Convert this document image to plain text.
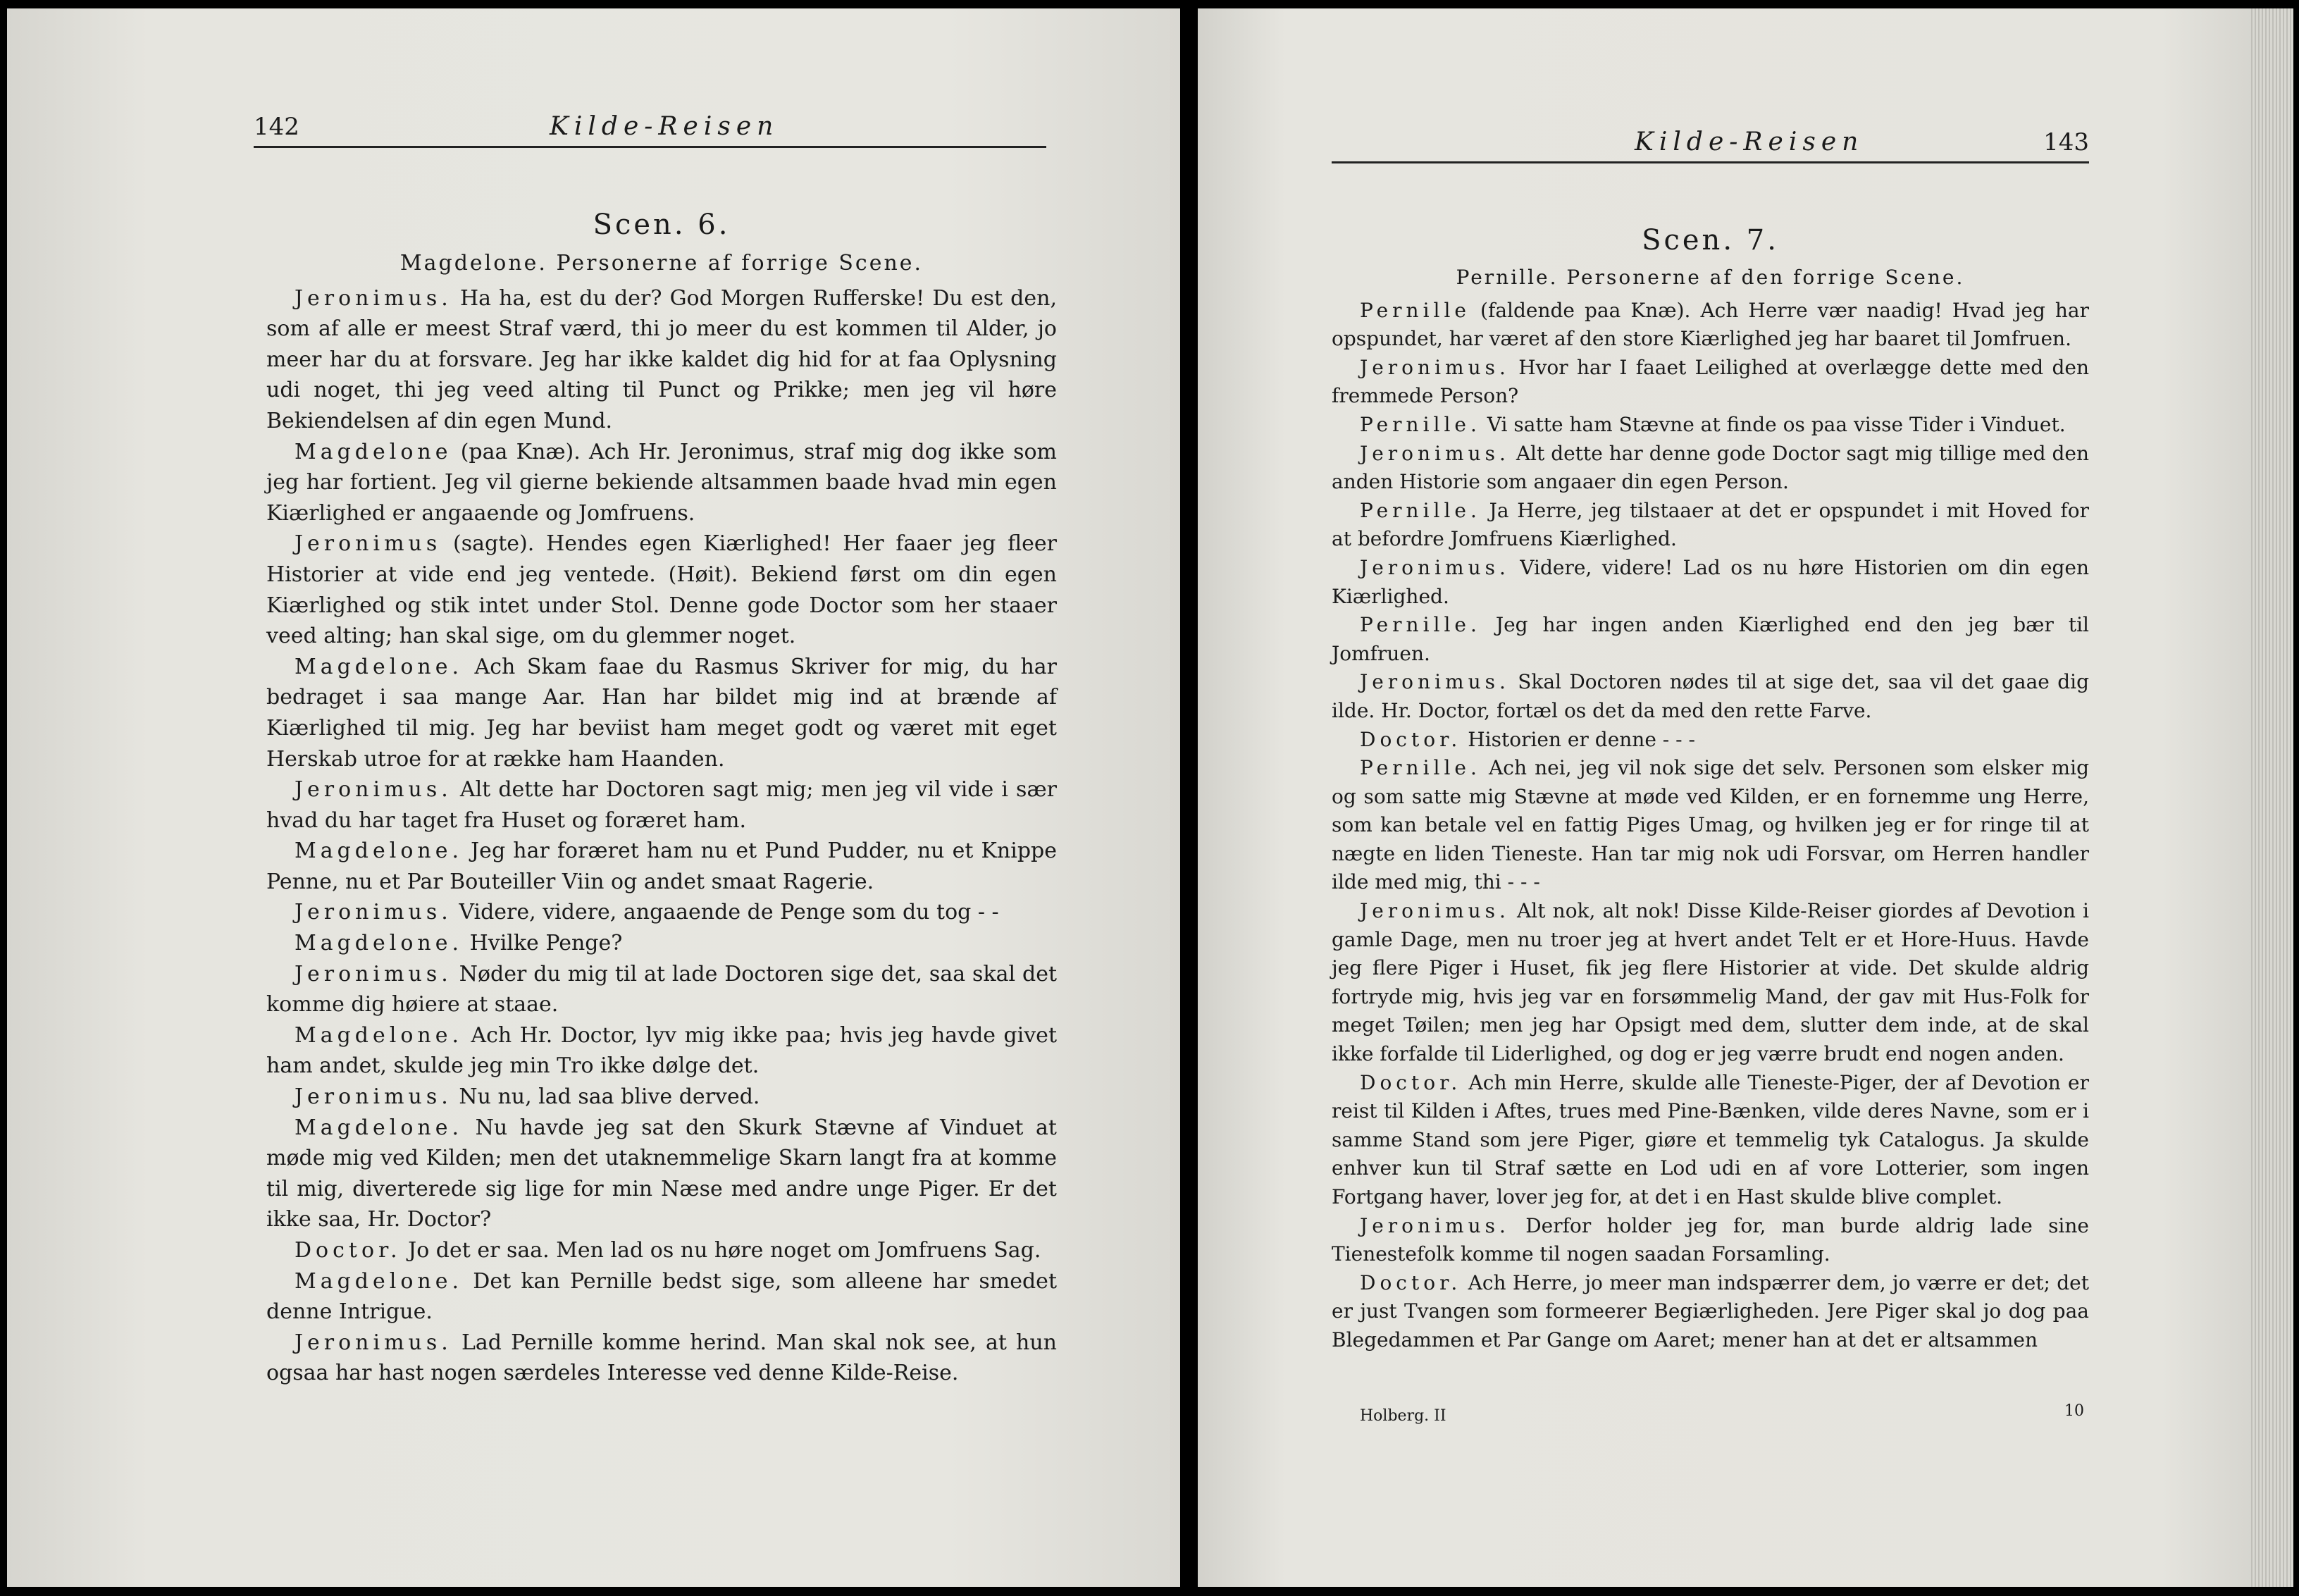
142	Kilde-Reisen
Scen. 6.
Magdelone. Personerne af forrige Scene.

Jeronimus. Ha ha, est du der? God Morgen Rufferske! Du est den, som af alle er meest Straf værd, thi jo meer du est kommen til Alder, jo meer har du at forsvare. Jeg har ikke kaldet dig hid for at faa Oplysning udi noget, thi jeg veed alting til Punct og Prikke; men jeg vil høre Bekiendelsen af din egen Mund.

Magdelone (paa Knæ). Ach Hr. Jeronimus, straf mig dog ikke som jeg har fortient. Jeg vil gierne bekiende altsammen baade hvad min egen Kiærlighed er angaaende og Jomfruens.

Jeronimus (sagte). Hendes egen Kiærlighed! Her faaer jeg fleer Historier at vide end jeg ventede. (Høit). Bekiend først om din egen Kiærlighed og stik intet under Stol. Denne gode Doctor som her staaer veed alting; han skal sige, om du glemmer noget.

Magdelone. Ach Skam faae du Rasmus Skriver for mig, du har bedraget i saa mange Aar. Han har bildet mig ind at brænde af Kiærlighed til mig. Jeg har beviist ham meget godt og været mit eget Herskab utroe for at række ham Haanden.

Jeronimus. Alt dette har Doctoren sagt mig; men jeg vil vide i sær hvad du har taget fra Huset og foræret ham.

Magdelone. Jeg har foræret ham nu et Pund Pudder, nu et Knippe Penne, nu et Par Bouteiller Viin og andet smaat Ragerie.

Jeronimus. Videre, videre, angaaende de Penge som du tog - -

Magdelone. Hvilke Penge?

Jeronimus. Nøder du mig til at lade Doctoren sige det, saa skal det komme dig høiere at staae.

Magdelone. Ach Hr. Doctor, lyv mig ikke paa; hvis jeg havde givet ham andet, skulde jeg min Tro ikke dølge det.

Jeronimus. Nu nu, lad saa blive derved.

Magdelone. Nu havde jeg sat den Skurk Stævne af Vinduet at møde mig ved Kilden; men det utaknemmelige Skarn langt fra at komme til mig, diverterede sig lige for min Næse med andre unge Piger. Er det ikke saa, Hr. Doctor?

Doctor. Jo det er saa. Men lad os nu høre noget om Jomfruens Sag.

Magdelone. Det kan Pernille bedst sige, som alleene har smedet denne Intrigue.

Jeronimus. Lad Pernille komme herind. Man skal nok see, at hun ogsaa har hast nogen særdeles Interesse ved denne Kilde-Reise.

Kilde-Reisen	143
Scen. 7.
Pernille. Personerne af den forrige Scene.

Pernille (faldende paa Knæ). Ach Herre vær naadig! Hvad jeg har opspundet, har været af den store Kiærlighed jeg har baaret til Jomfruen.

Jeronimus. Hvor har I faaet Leilighed at overlægge dette med den fremmede Person?

Pernille. Vi satte ham Stævne at finde os paa visse Tider i Vinduet.

Jeronimus. Alt dette har denne gode Doctor sagt mig tillige med den anden Historie som angaaer din egen Person.

Pernille. Ja Herre, jeg tilstaaer at det er opspundet i mit Hoved for at befordre Jomfruens Kiærlighed.

Jeronimus. Videre, videre! Lad os nu høre Historien om din egen Kiærlighed.

Pernille. Jeg har ingen anden Kiærlighed end den jeg bær til Jomfruen.

Jeronimus. Skal Doctoren nødes til at sige det, saa vil det gaae dig ilde. Hr. Doctor, fortæl os det da med den rette Farve.

Doctor. Historien er denne - - -

Pernille. Ach nei, jeg vil nok sige det selv. Personen som elsker mig og som satte mig Stævne at møde ved Kilden, er en fornemme ung Herre, som kan betale vel en fattig Piges Umag, og hvilken jeg er for ringe til at nægte en liden Tieneste. Han tar mig nok udi Forsvar, om Herren handler ilde med mig, thi - - -

Jeronimus. Alt nok, alt nok! Disse Kilde-Reiser giordes af Devotion i gamle Dage, men nu troer jeg at hvert andet Telt er et Hore-Huus. Havde jeg flere Piger i Huset, fik jeg flere Historier at vide. Det skulde aldrig fortryde mig, hvis jeg var en forsømmelig Mand, der gav mit Hus-Folk for meget Tøilen; men jeg har Opsigt med dem, slutter dem inde, at de skal ikke forfalde til Liderlighed, og dog er jeg værre brudt end nogen anden.

Doctor. Ach min Herre, skulde alle Tieneste-Piger, der af Devotion er reist til Kilden i Aftes, trues med Pine-Bænken, vilde deres Navne, som er i samme Stand som jere Piger, giøre et temmelig tyk Catalogus. Ja skulde enhver kun til Straf sætte en Lod udi en af vore Lotterier, som ingen Fortgang haver, lover jeg for, at det i en Hast skulde blive complet.

Jeronimus. Derfor holder jeg for, man burde aldrig lade sine Tienestefolk komme til nogen saadan Forsamling.

Doctor. Ach Herre, jo meer man indspærrer dem, jo værre er det; det er just Tvangen som formeerer Begiærligheden. Jere Piger skal jo dog paa Blegedammen et Par Gange om Aaret; mener han at det er altsammen

Holberg. II	10
